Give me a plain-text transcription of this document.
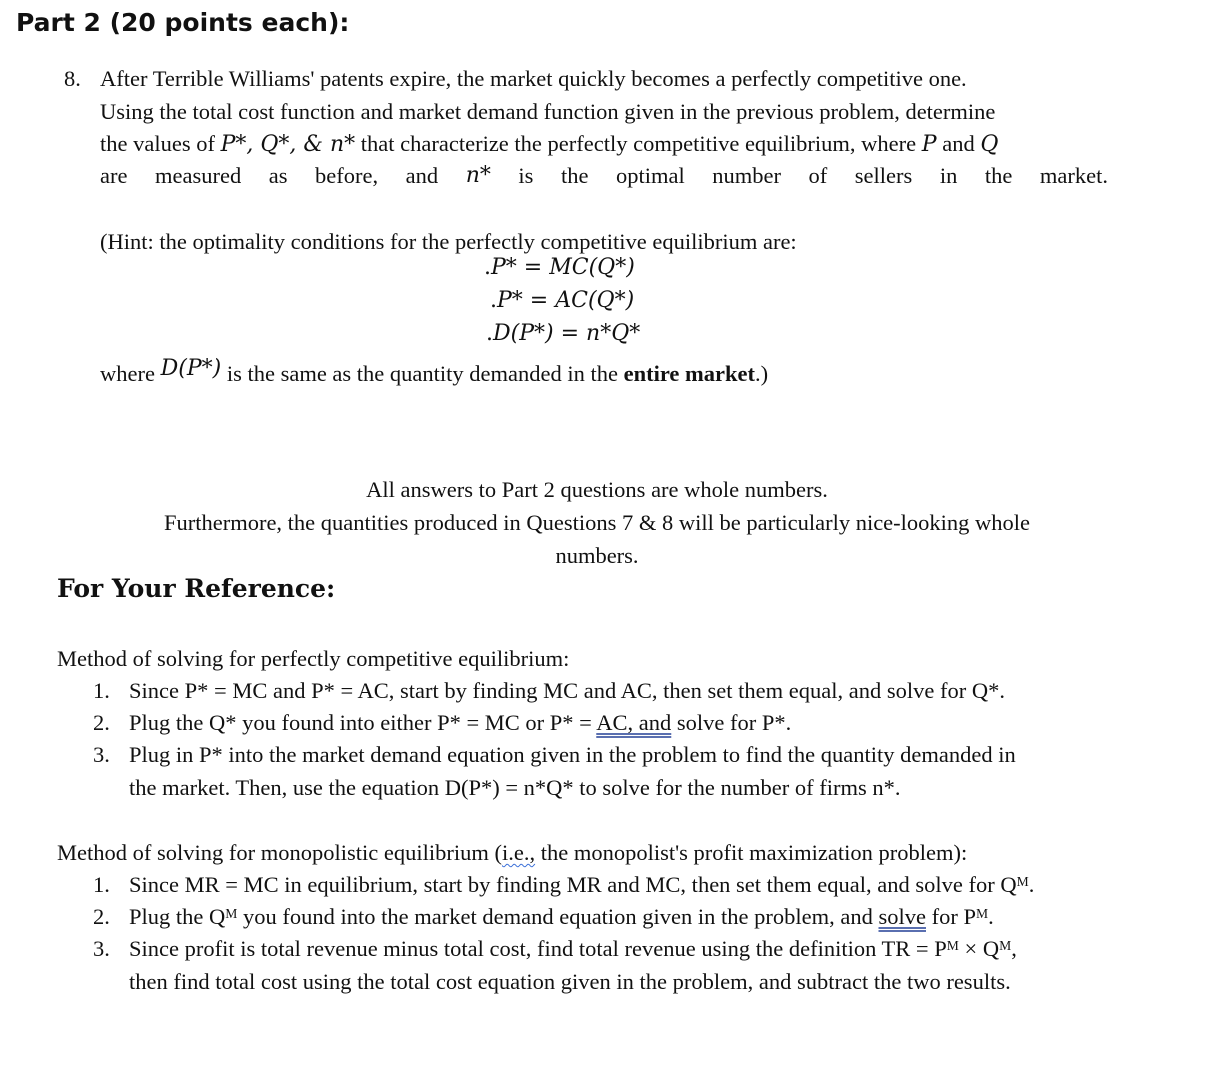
Part 2 (20 points each):
8. After Terrible Williams' patents expire, the market quickly becomes a perfectly competitive one.
Using the total cost function and market demand function given in the previous problem, determine
the values of P*, Q*, & n* that characterize the perfectly competitive equilibrium, where P and Q
are measured as before, and n* is the optimal number of sellers in the market.
(Hint: the optimality conditions for the perfectly competitive equilibrium are:
.P* = MC(Q*)
.P* = AC(Q*)
.D(P*) = n*Q*
where D(P*) is the same as the quantity demanded in the entire market.)
All answers to Part 2 questions are whole numbers.
Furthermore, the quantities produced in Questions 7 & 8 will be particularly nice-looking whole
numbers.
For Your Reference:
Method of solving for perfectly competitive equilibrium:
1. Since P* = MC and P* = AC, start by finding MC and AC, then set them equal, and solve for Q*.
2. Plug the Q* you found into either P* = MC or P* = AC, and solve for P*.
3. Plug in P* into the market demand equation given in the problem to find the quantity demanded in
the market. Then, use the equation D(P*) = n*Q* to solve for the number of firms n*.
Method of solving for monopolistic equilibrium (i.e., the monopolist's profit maximization problem):
1. Since MR = MC in equilibrium, start by finding MR and MC, then set them equal, and solve for Qᴹ.
2. Plug the Qᴹ you found into the market demand equation given in the problem, and solve for Pᴹ.
3. Since profit is total revenue minus total cost, find total revenue using the definition TR = Pᴹ × Qᴹ,
then find total cost using the total cost equation given in the problem, and subtract the two results.
